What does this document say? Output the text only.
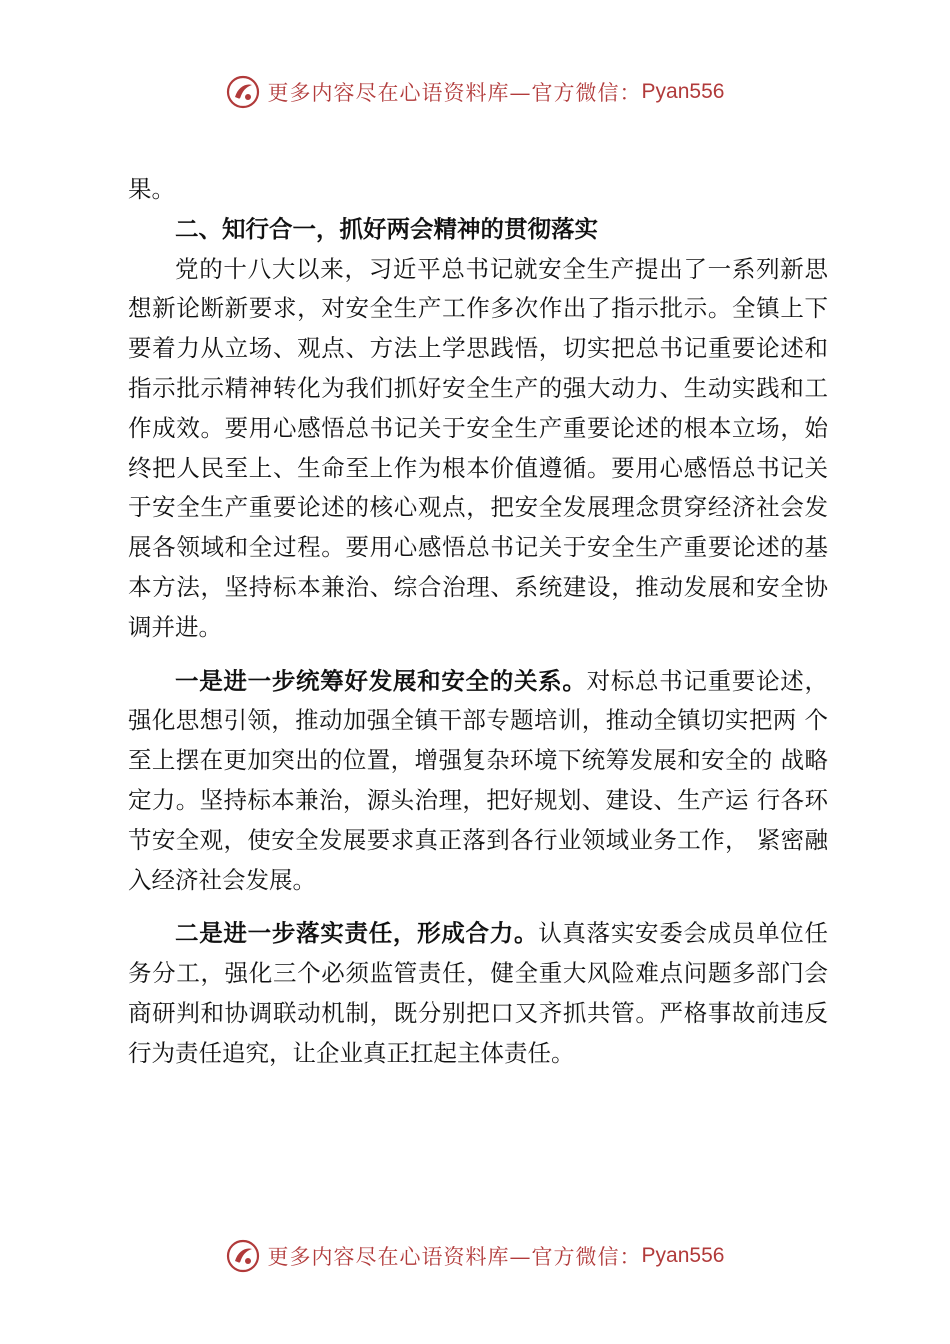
更多内容尽在心语资料库—官方微信： Pyan556

果。

二、知行合一，抓好两会精神的贯彻落实

党的十八大以来，习近平总书记就安全生产提出了一系列新思想新论断新要求，对安全生产工作多次作出了指示批示。全镇上下要着力从立场、观点、方法上学思践悟，切实把总书记重要论述和指示批示精神转化为我们抓好安全生产的强大动力、生动实践和工作成效。要用心感悟总书记关于安全生产重要论述的根本立场，始终把人民至上、生命至上作为根本价值遵循。要用心感悟总书记关于安全生产重要论述的核心观点，把安全发展理念贯穿经济社会发展各领域和全过程。要用心感悟总书记关于安全生产重要论述的基本方法，坚持标本兼治、综合治理、系统建设，推动发展和安全协调并进。

一是进一步统筹好发展和安全的关系。对标总书记重要论述，强化思想引领，推动加强全镇干部专题培训，推动全镇切实把两 个至上摆在更加突出的位置，增强复杂环境下统筹发展和安全的 战略定力。坚持标本兼治，源头治理，把好规划、建设、生产运 行各环节安全观，使安全发展要求真正落到各行业领域业务工作， 紧密融入经济社会发展。

二是进一步落实责任，形成合力。认真落实安委会成员单位任务分工，强化三个必须监管责任，健全重大风险难点问题多部门会商研判和协调联动机制，既分别把口又齐抓共管。严格事故前违反行为责任追究，让企业真正扛起主体责任。

更多内容尽在心语资料库—官方微信： Pyan556
